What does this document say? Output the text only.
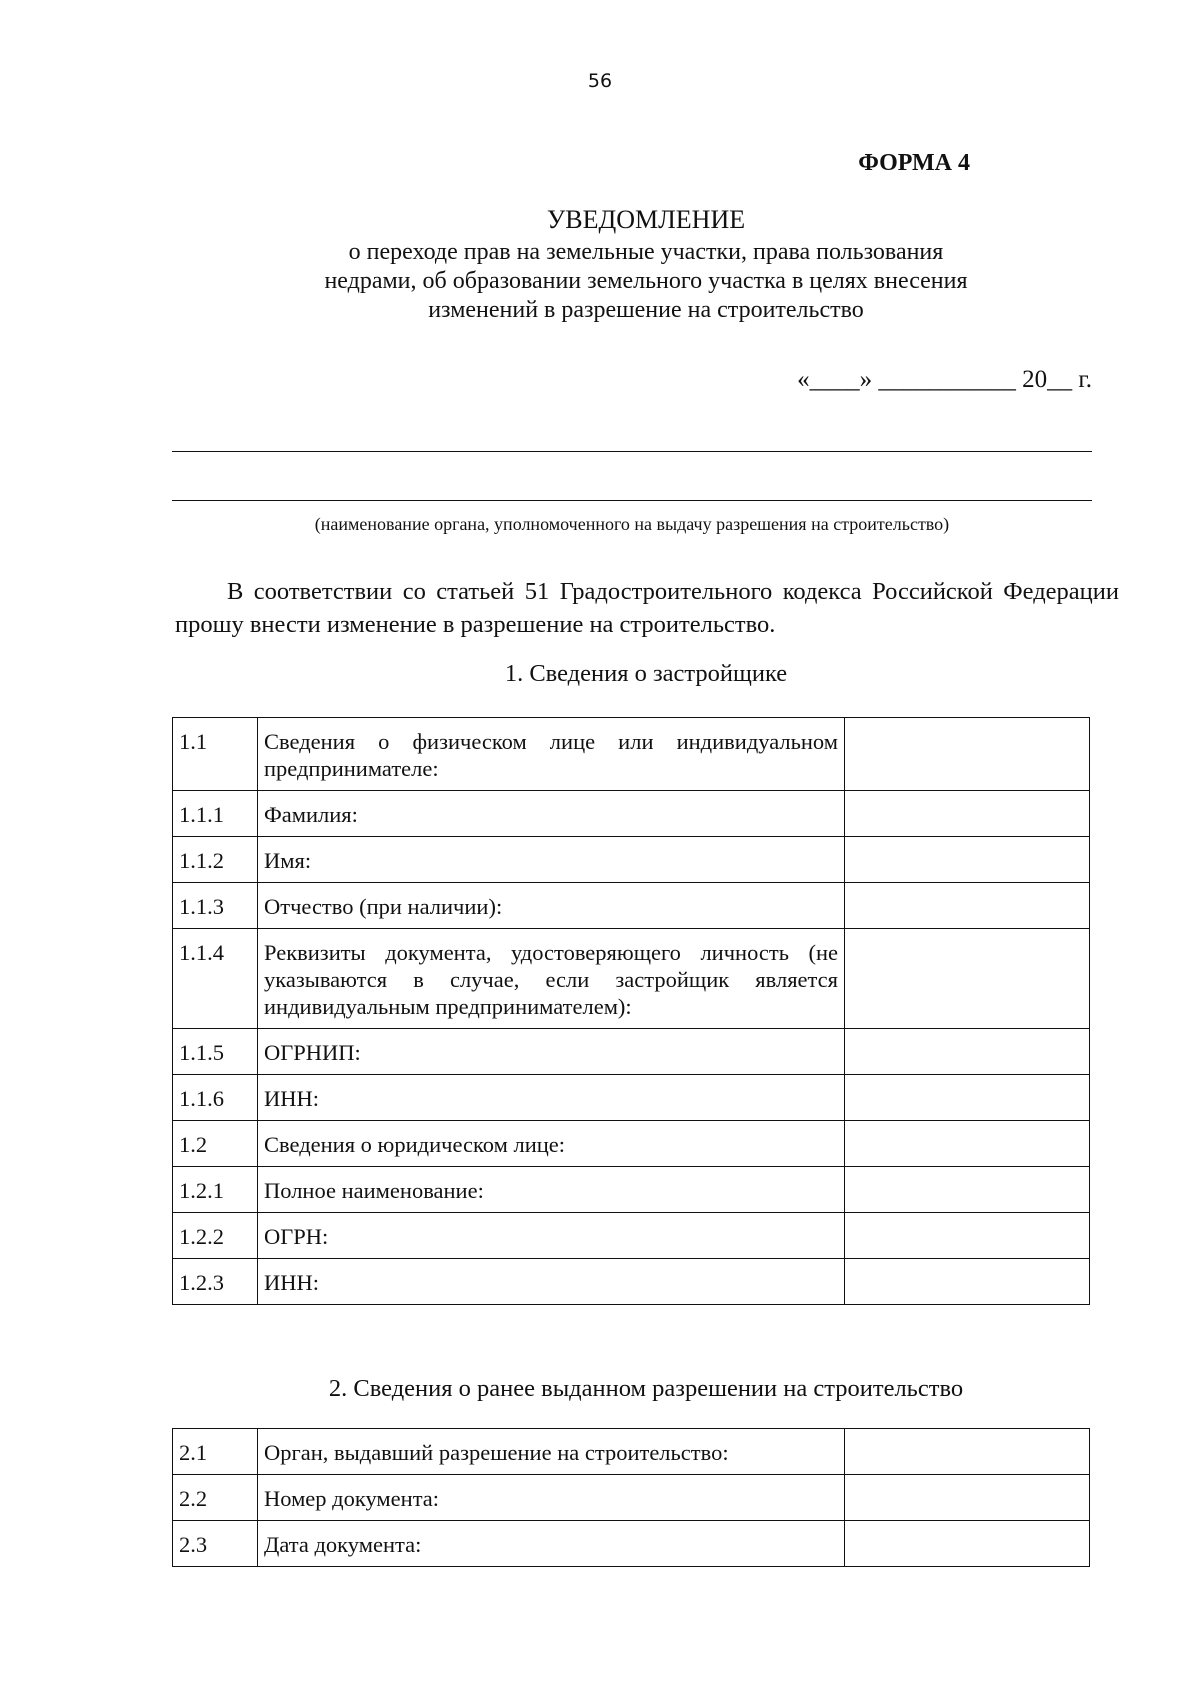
56
ФОРМА 4
УВЕДОМЛЕНИЕ
о переходе прав на земельные участки, права пользования
недрами, об образовании земельного участка в целях внесения
изменений в разрешение на строительство
«____» ___________ 20__ г.
(наименование органа, уполномоченного на выдачу разрешения на строительство)
В соответствии со статьей 51 Градостроительного кодекса Российской Федерации прошу внести изменение в разрешение на строительство.
1. Сведения о застройщике
1.1	Сведения о физическом лице или индивидуальном предпринимателе:	
1.1.1	Фамилия:	
1.1.2	Имя:	
1.1.3	Отчество (при наличии):	
1.1.4	Реквизиты документа, удостоверяющего личность (не указываются в случае, если застройщик является индивидуальным предпринимателем):	
1.1.5	ОГРНИП:	
1.1.6	ИНН:	
1.2	Сведения о юридическом лице:	
1.2.1	Полное наименование:	
1.2.2	ОГРН:	
1.2.3	ИНН:	
2. Сведения о ранее выданном разрешении на строительство
2.1	Орган, выдавший разрешение на строительство:	
2.2	Номер документа:	
2.3	Дата документа:	
